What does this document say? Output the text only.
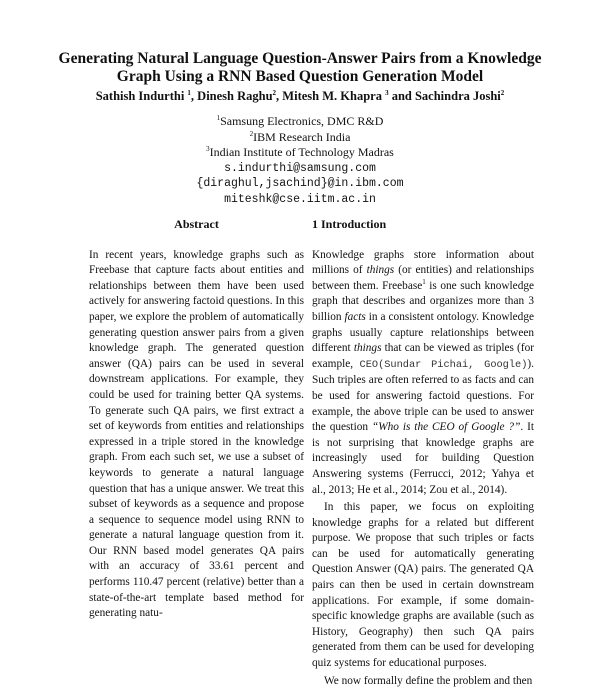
Generating Natural Language Question-Answer Pairs from a Knowledge
Graph Using a RNN Based Question Generation Model
Sathish Indurthi $^1$, Dinesh Raghu$^2$, Mitesh M. Khapra $^3$ and Sachindra Joshi$^2$
$^1$Samsung Electronics, DMC R&D
$^2$IBM Research India
$^3$Indian Institute of Technology Madras
s.indurthi@samsung.com
{diraghul,jsachind}@in.ibm.com
miteshk@cse.iitm.ac.in
Abstract

In recent years, knowledge graphs such as Freebase that capture facts about entities and relationships between them have been used actively for answering factoid questions. In this paper, we explore the problem of automatically generating question answer pairs from a given knowledge graph. The generated question answer (QA) pairs can be used in several downstream applications. For example, they could be used for training better QA systems. To generate such QA pairs, we first extract a set of keywords from entities and relationships expressed in a triple stored in the knowledge graph. From each such set, we use a subset of keywords to generate a natural language question that has a unique answer. We treat this subset of keywords as a sequence and propose a sequence to sequence model using RNN to generate a natural language question from it. Our RNN based model generates QA pairs with an accuracy of 33.61 percent and performs 110.47 percent (relative) better than a state-of-the-art template based method for generating natu-

1 Introduction

Knowledge graphs store information about millions of things (or entities) and relationships between them. Freebase$^1$ is one such knowledge graph that describes and organizes more than 3 billion facts in a consistent ontology. Knowledge graphs usually capture relationships between different things that can be viewed as triples (for example, CEO(Sundar Pichai, Google)). Such triples are often referred to as facts and can be used for answering factoid questions. For example, the above triple can be used to answer the question “Who is the CEO of Google ?”. It is not surprising that knowledge graphs are increasingly used for building Question Answering systems (Ferrucci, 2012; Yahya et al., 2013; He et al., 2014; Zou et al., 2014).

In this paper, we focus on exploiting knowledge graphs for a related but different purpose. We propose that such triples or facts can be used for automatically generating Question Answer (QA) pairs. The generated QA pairs can then be used in certain downstream applications. For example, if some domain-specific knowledge graphs are available (such as History, Geography) then such QA pairs generated from them can be used for developing quiz systems for educational purposes.

We now formally define the problem and then
